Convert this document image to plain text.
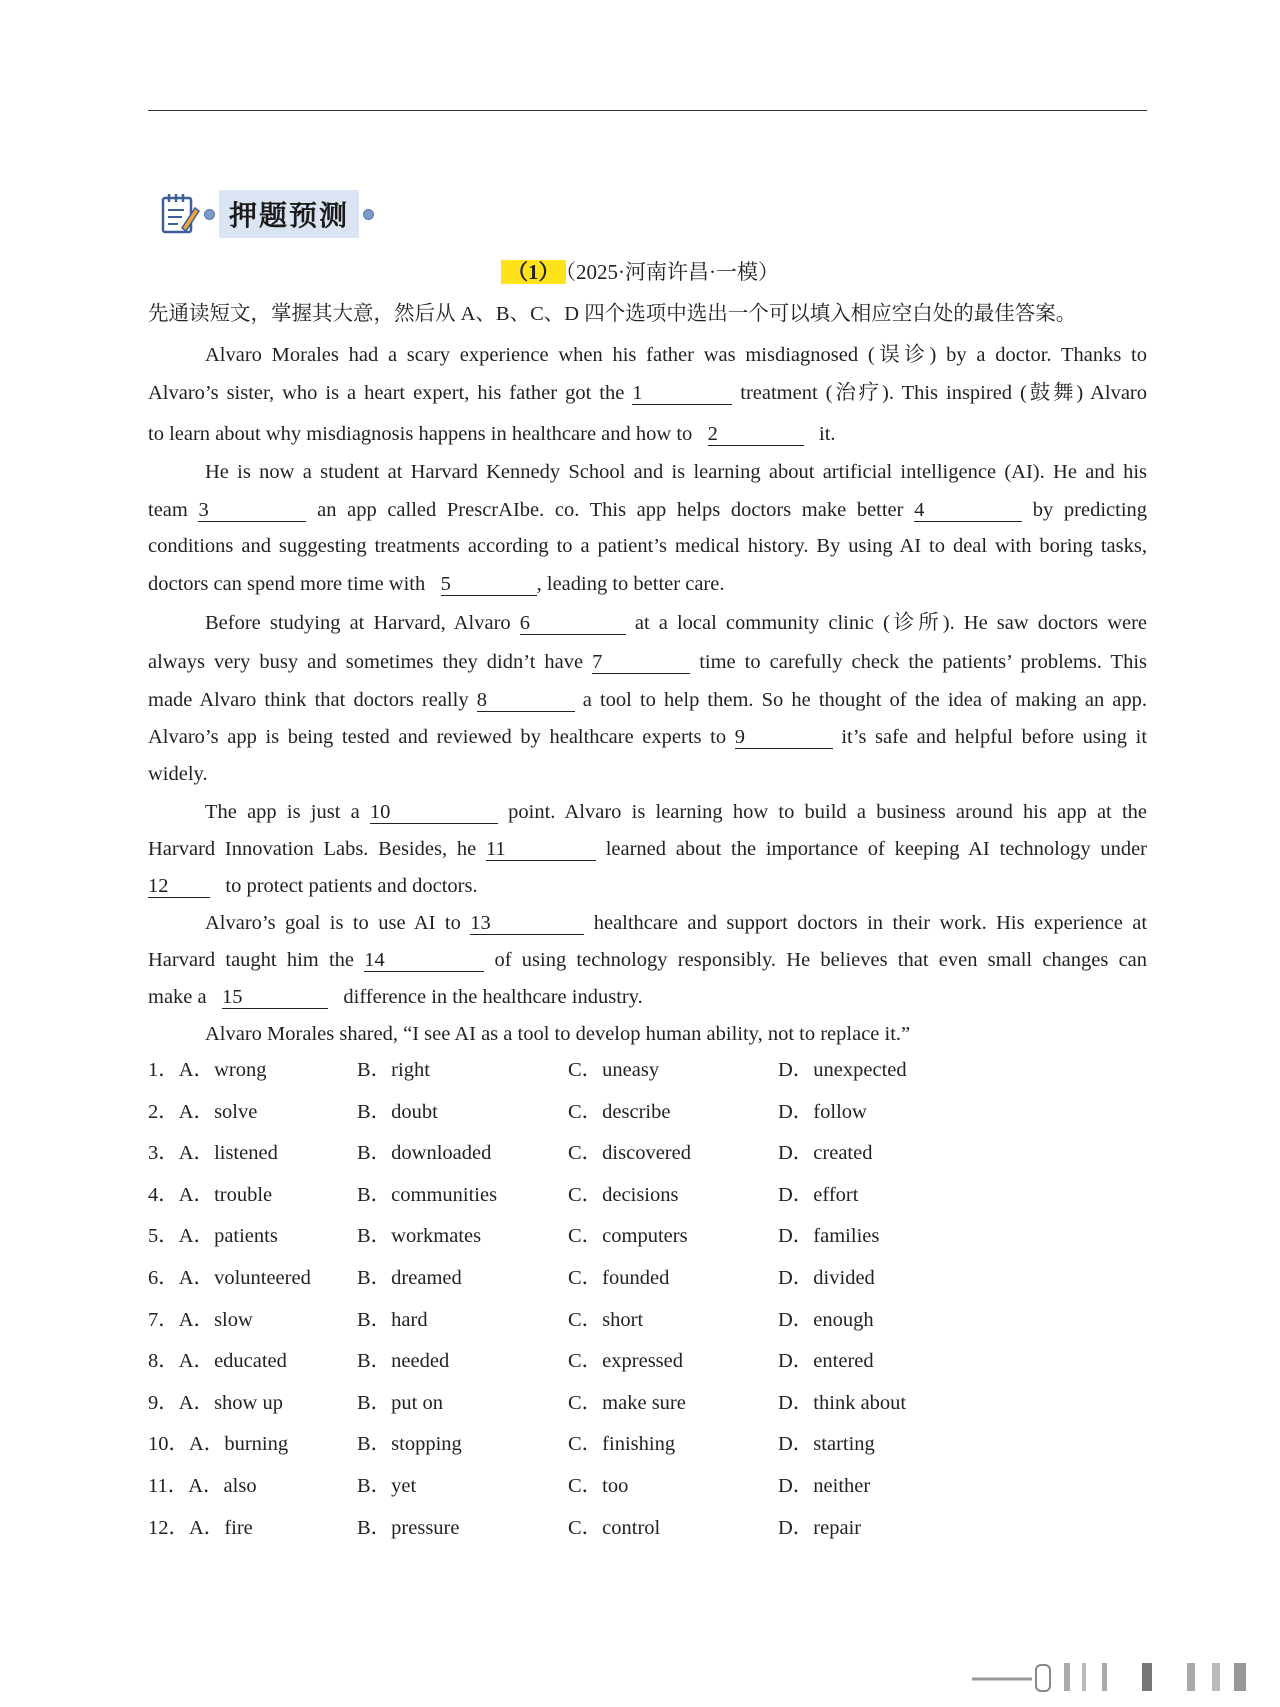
押题预测
（1） （2025·河南许昌·一模）
先通读短文，掌握其大意，然后从 A、B、C、D 四个选项中选出一个可以填入相应空白处的最佳答案。
Alvaro Morales had a scary experience when his father was misdiagnosed (误诊) by a doctor. Thanks to
Alvaro’s sister, who is a heart expert, his father got the 1	treatment (治疗). This inspired (鼓舞) Alvaro
to learn about why misdiagnosis happens in healthcare and how to 2	it.
He is now a student at Harvard Kennedy School and is learning about artificial intelligence (AI). He and his
team 3	an app called PrescrAIbe. co. This app helps doctors make better 4	by predicting
conditions and suggesting treatments according to a patient’s medical history. By using AI to deal with boring tasks,
doctors can spend more time with 5	, leading to better care.
Before studying at Harvard, Alvaro 6	at a local community clinic (诊所). He saw doctors were
always very busy and sometimes they didn’t have 7	time to carefully check the patients’ problems. This
made Alvaro think that doctors really 8	a tool to help them. So he thought of the idea of making an app.
Alvaro’s app is being tested and reviewed by healthcare experts to 9	it’s safe and helpful before using it
widely.
The app is just a 10	point. Alvaro is learning how to build a business around his app at the
Harvard Innovation Labs. Besides, he 11	learned about the importance of keeping AI technology under
12	to protect patients and doctors.
Alvaro’s goal is to use AI to 13	healthcare and support doctors in their work. His experience at
Harvard taught him the 14	of using technology responsibly. He believes that even small changes can
make a 15	difference in the healthcare industry.
Alvaro Morales shared, “I see AI as a tool to develop human ability, not to replace it.”
1．A．wrong	B．right	C．uneasy	D．unexpected
2．A．solve	B．doubt	C．describe	D．follow
3．A．listened	B．downloaded	C．discovered	D．created
4．A．trouble	B．communities	C．decisions	D．effort
5．A．patients	B．workmates	C．computers	D．families
6．A．volunteered B．dreamed	C．founded	D．divided
7．A．slow	B．hard	C．short	D．enough
8．A．educated	B．needed	C．expressed	D．entered
9．A．show up	B．put on	C．make sure	D．think about
10．A．burning	B．stopping	C．finishing	D．starting
11．A．also	B．yet	C．too	D．neither
12．A．fire	B．pressure	C．control	D．repair
